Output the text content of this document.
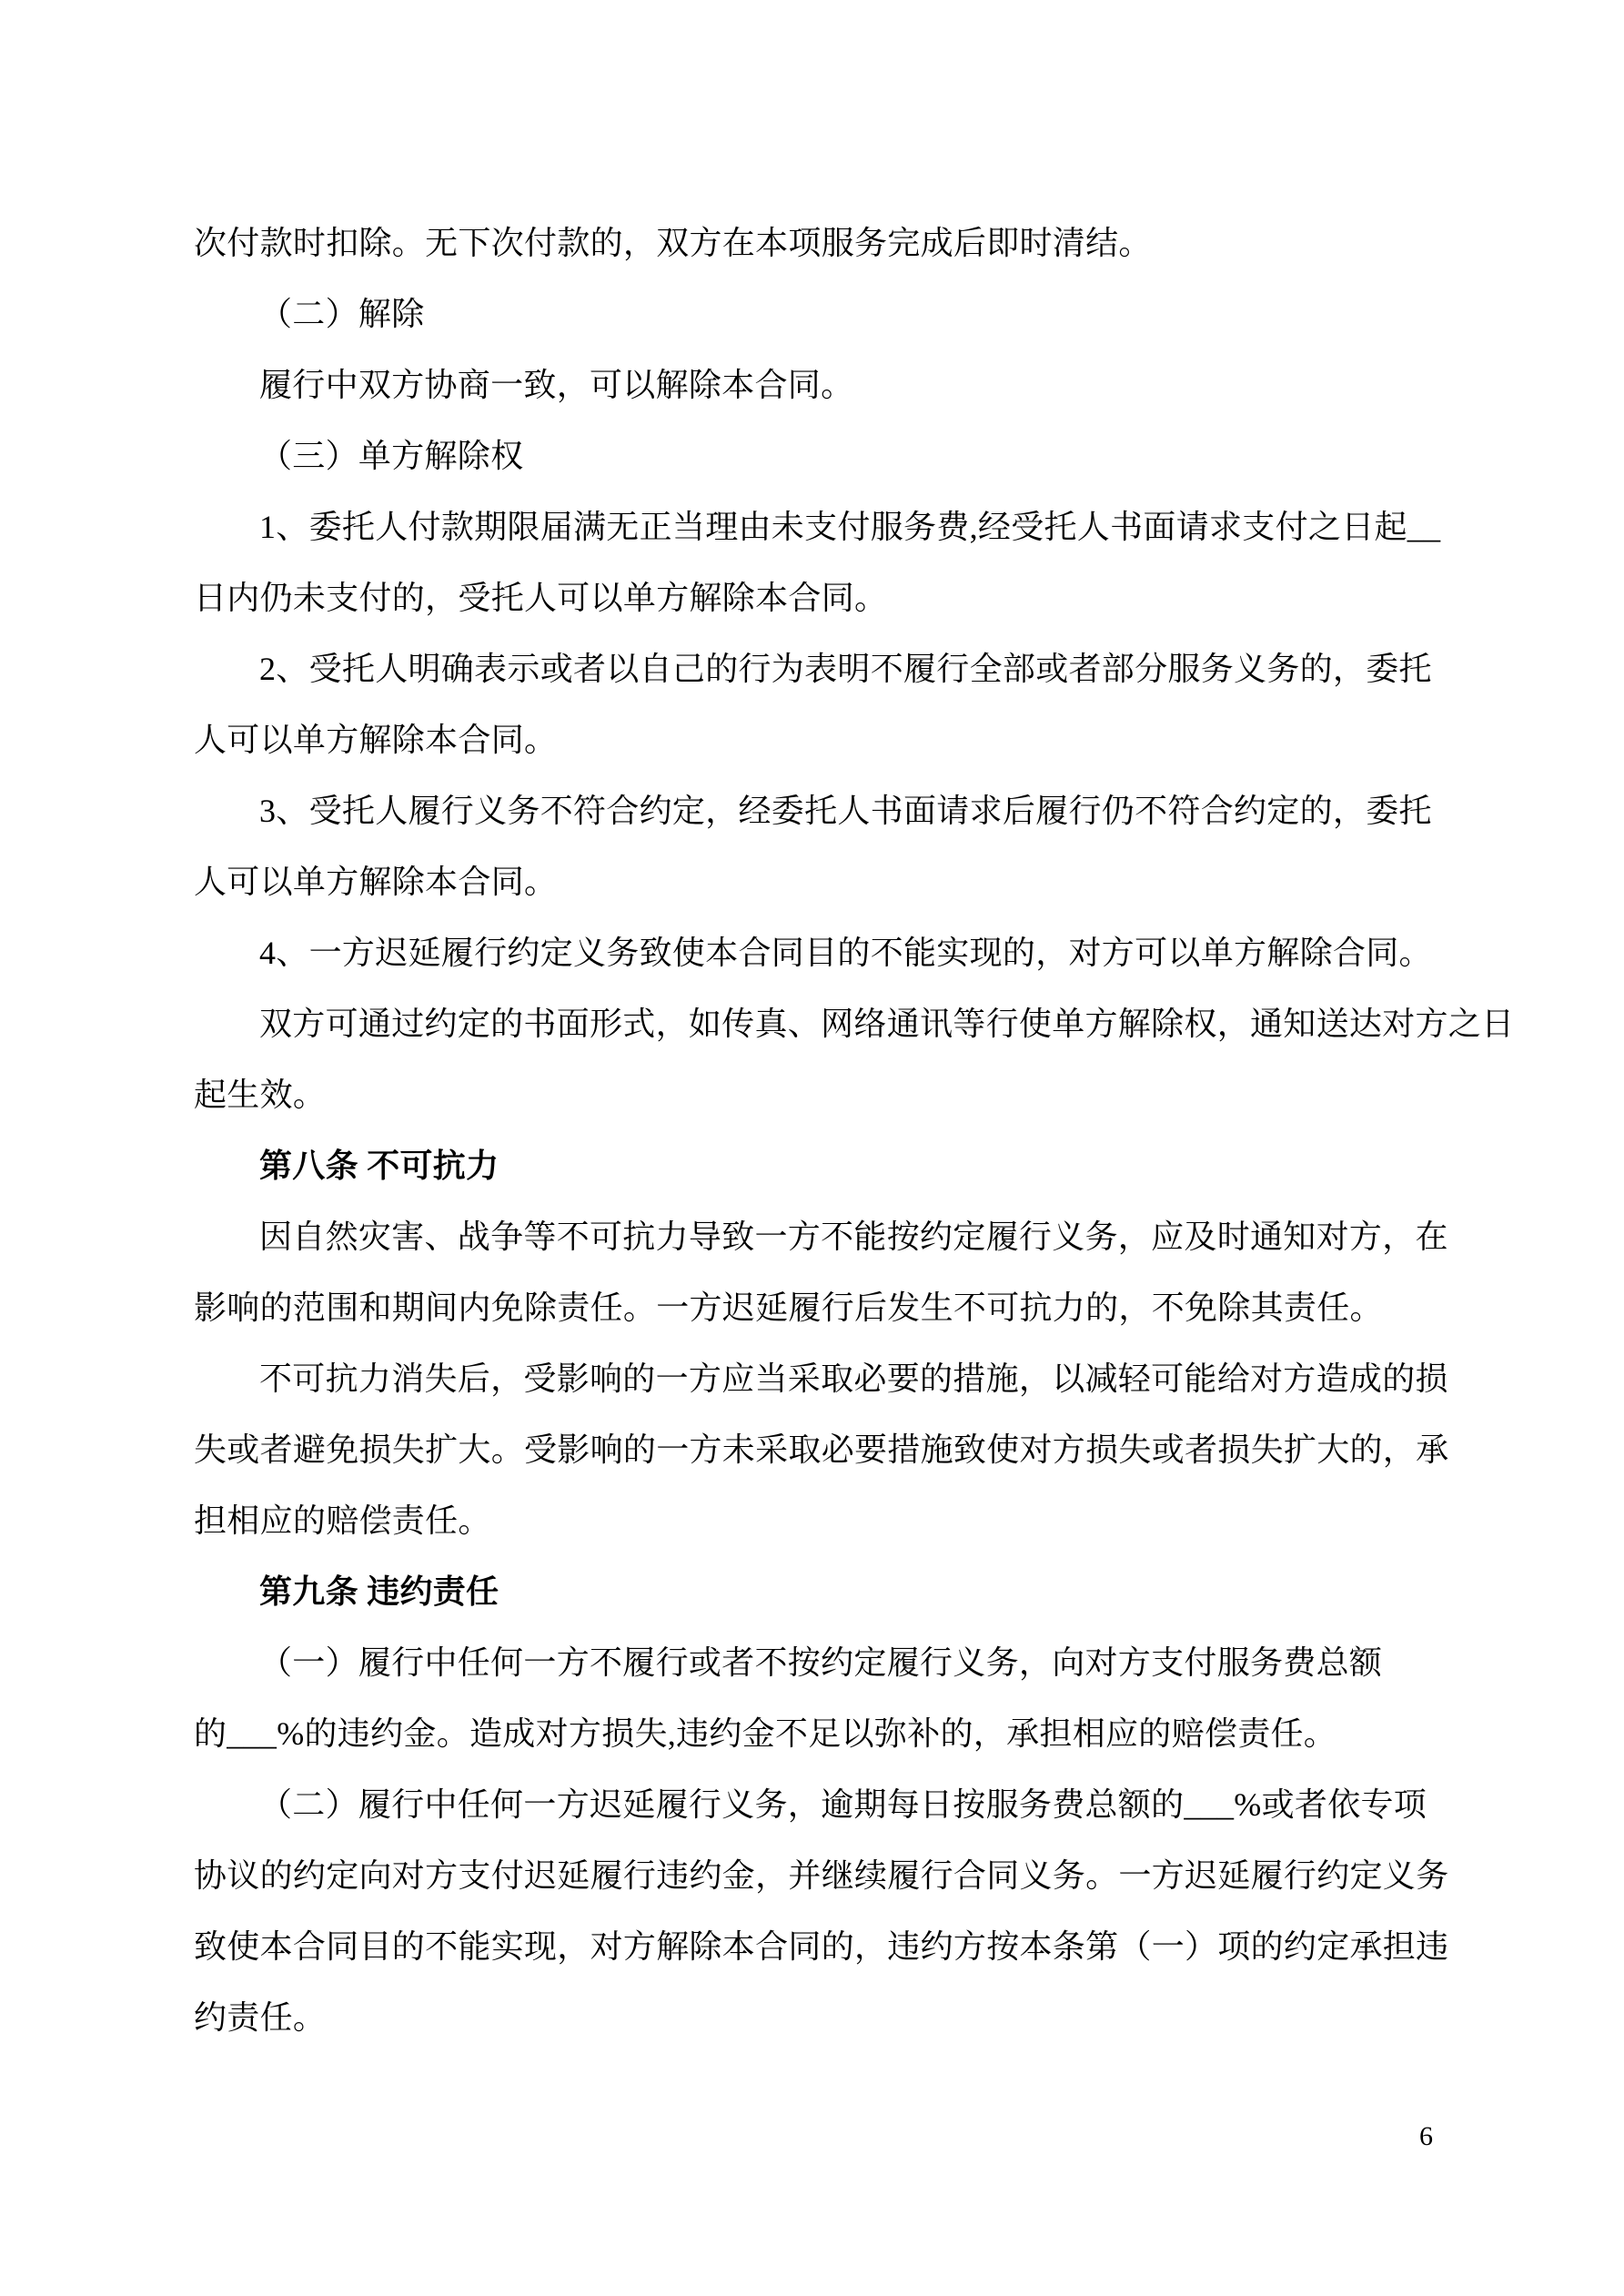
次付款时扣除。无下次付款的，双方在本项服务完成后即时清结。
（二）解除
履行中双方协商一致，可以解除本合同。
（三）单方解除权
1、委托人付款期限届满无正当理由未支付服务费,经受托人书面请求支付之日起__
日内仍未支付的，受托人可以单方解除本合同。
2、受托人明确表示或者以自己的行为表明不履行全部或者部分服务义务的，委托
人可以单方解除本合同。
3、受托人履行义务不符合约定，经委托人书面请求后履行仍不符合约定的，委托
人可以单方解除本合同。
4、一方迟延履行约定义务致使本合同目的不能实现的，对方可以单方解除合同。
双方可通过约定的书面形式，如传真、网络通讯等行使单方解除权，通知送达对方之日
起生效。
第八条 不可抗力
因自然灾害、战争等不可抗力导致一方不能按约定履行义务，应及时通知对方，在
影响的范围和期间内免除责任。一方迟延履行后发生不可抗力的，不免除其责任。
不可抗力消失后，受影响的一方应当采取必要的措施，以减轻可能给对方造成的损
失或者避免损失扩大。受影响的一方未采取必要措施致使对方损失或者损失扩大的，承
担相应的赔偿责任。
第九条 违约责任
（一）履行中任何一方不履行或者不按约定履行义务，向对方支付服务费总额
的___%的违约金。造成对方损失,违约金不足以弥补的，承担相应的赔偿责任。
（二）履行中任何一方迟延履行义务，逾期每日按服务费总额的___%或者依专项
协议的约定向对方支付迟延履行违约金，并继续履行合同义务。一方迟延履行约定义务
致使本合同目的不能实现，对方解除本合同的，违约方按本条第（一）项的约定承担违
约责任。
6
